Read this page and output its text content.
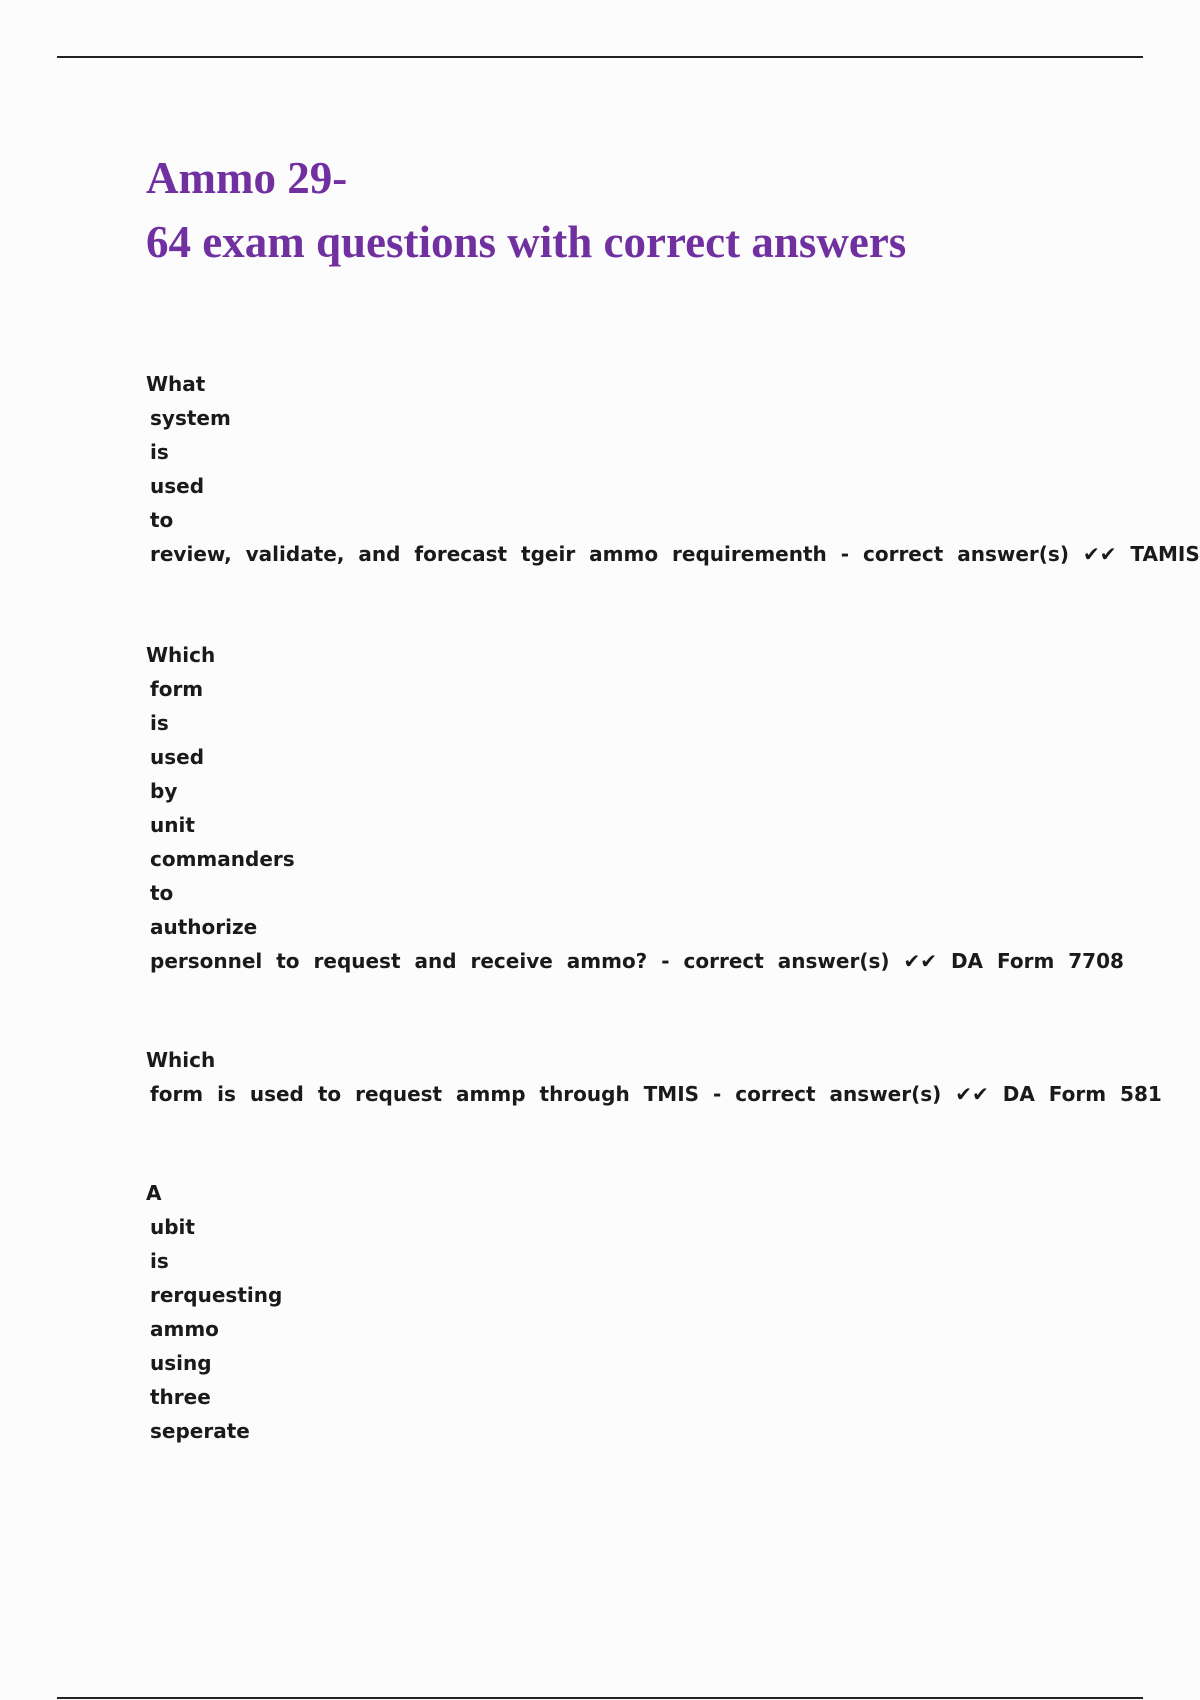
Ammo 29-
64 exam questions with correct answers
What
system
is
used
to
review, validate, and forecast tgeir ammo requirementh - correct answer(s) ✔✔ TAMIS
Which
form
is
used
by
unit
commanders
to
authorize
personnel to request and receive ammo? - correct answer(s) ✔✔ DA Form 7708
Which
form is used to request ammp through TMIS - correct answer(s) ✔✔ DA Form 581
A
ubit
is
rerquesting
ammo
using
three
seperate
